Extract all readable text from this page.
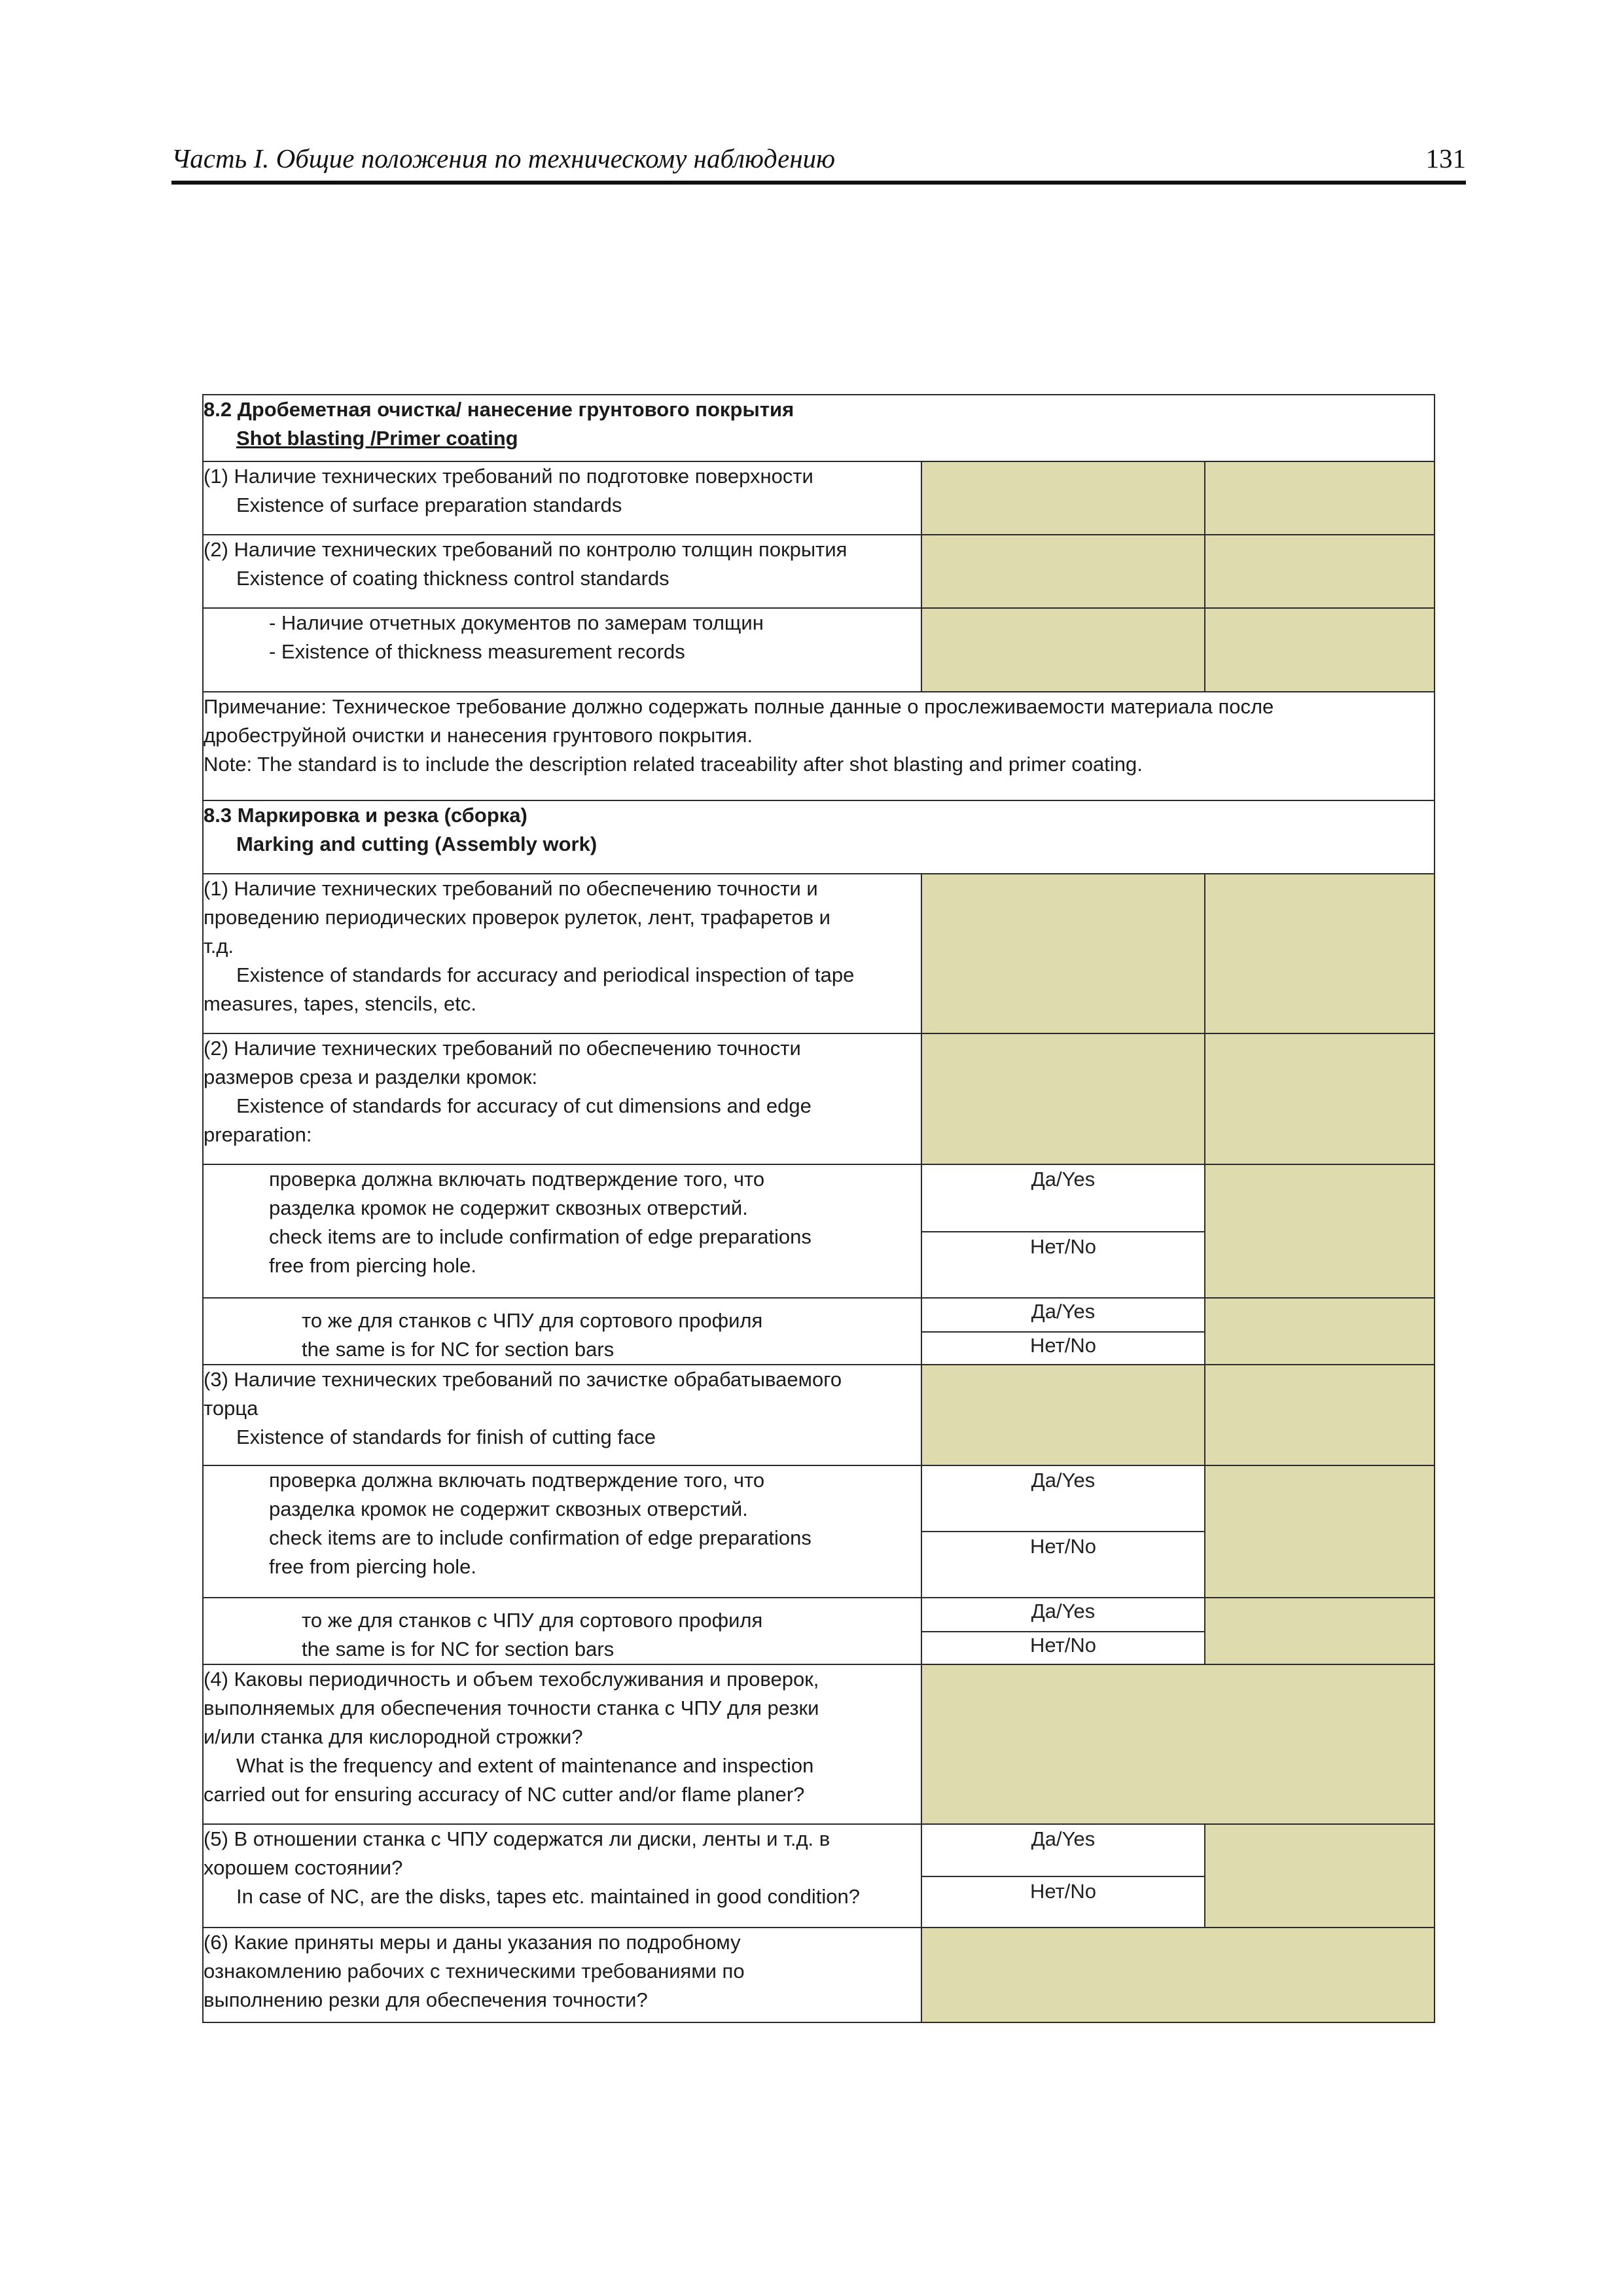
Часть I. Общие положения по техническому наблюдению	131
8.2 Дробеметная очистка/ нанесение грунтового покрытия
Shot blasting /Primer coating		

(1) Наличие технических требований по подготовке поверхности
Existence of surface preparation standards		

(2) Наличие технических требований по контролю толщин покрытия
Existence of coating thickness control standards		

- Наличие отчетных документов по замерам толщин
- Existence of thickness measurement records		

Примечание: Техническое требование должно содержать полные данные о прослеживаемости материала после
дробеструйной очистки и нанесения грунтового покрытия.
Note: The standard is to include the description related traceability after shot blasting and primer coating.		

8.3 Маркировка и резка (сборка)
Marking and cutting (Assembly work)		

(1) Наличие технических требований по обеспечению точности и
проведению периодических проверок рулеток, лент, трафаретов и
т.д.
Existence of standards for accuracy and periodical inspection of tape
measures, tapes, stencils, etc.		

(2) Наличие технических требований по обеспечению точности
размеров среза и разделки кромок:
Existence of standards for accuracy of cut dimensions and edge
preparation:		

проверка должна включать подтверждение того, что
разделка кромок не содержит сквозных отверстий.
check items are to include confirmation of edge preparations
free from piercing hole.	Да/Yes	
	Нет/No	

то же для станков с ЧПУ для сортового профиля
the same is for NC for section bars	Да/Yes	
	Нет/No	

(3) Наличие технических требований по зачистке обрабатываемого
торца
Existence of standards for finish of cutting face		

проверка должна включать подтверждение того, что
разделка кромок не содержит сквозных отверстий.
check items are to include confirmation of edge preparations
free from piercing hole.	Да/Yes	
	Нет/No	

то же для станков с ЧПУ для сортового профиля
the same is for NC for section bars	Да/Yes	
	Нет/No	

(4) Каковы периодичность и объем техобслуживания и проверок,
выполняемых для обеспечения точности станка с ЧПУ для резки
и/или станка для кислородной строжки?
What is the frequency and extent of maintenance and inspection
carried out for ensuring accuracy of NC cutter and/or flame planer?		

(5) В отношении станка с ЧПУ содержатся ли диски, ленты и т.д. в
хорошем состоянии?
In case of NC, are the disks, tapes etc. maintained in good condition?	Да/Yes	
	Нет/No	

(6) Какие приняты меры и даны указания по подробному
ознакомлению рабочих с техническими требованиями по
выполнению резки для обеспечения точности?		
